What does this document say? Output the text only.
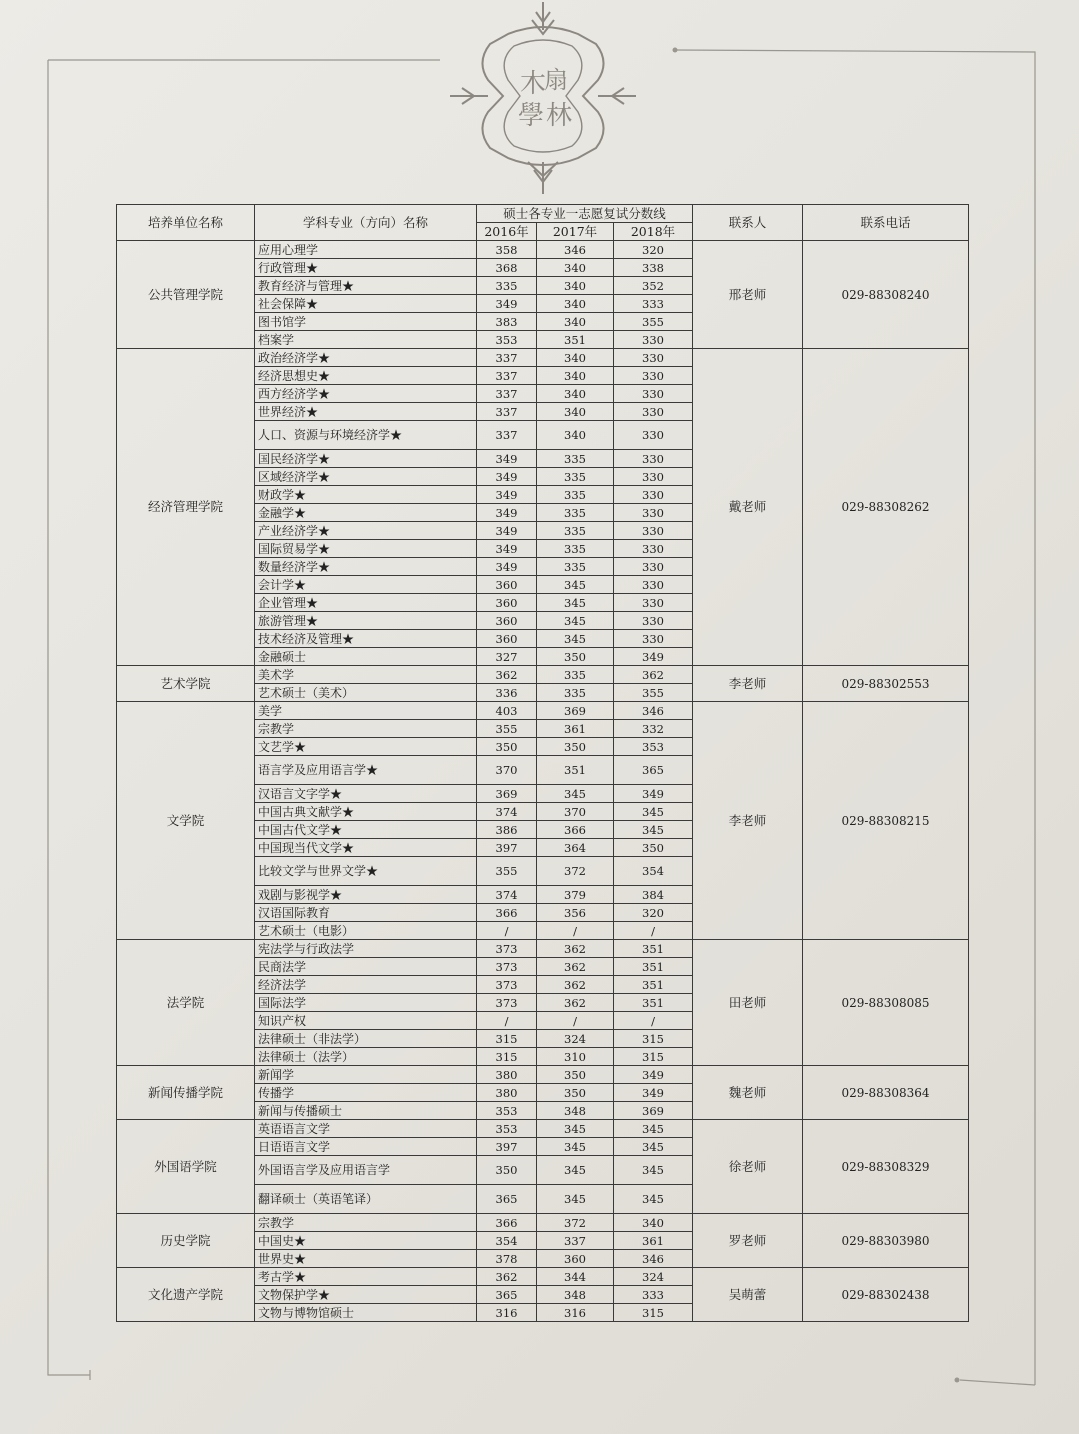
木
扇
學 林
培养单位名称	学科专业（方向）名称	硕士各专业一志愿复试分数线			联系人	联系电话
		2016年	2017年	2018年		
公共管理学院	应用心理学	358	346	320	邢老师	029-88308240
	行政管理★	368	340	338		
	教育经济与管理★	335	340	352		
	社会保障★	349	340	333		
	图书馆学	383	340	355		
	档案学	353	351	330		
经济管理学院	政治经济学★	337	340	330	戴老师	029-88308262
	经济思想史★	337	340	330		
	西方经济学★	337	340	330		
	世界经济★	337	340	330		
	人口、资源与环境经济学★	337	340	330		
	国民经济学★	349	335	330		
	区域经济学★	349	335	330		
	财政学★	349	335	330		
	金融学★	349	335	330		
	产业经济学★	349	335	330		
	国际贸易学★	349	335	330		
	数量经济学★	349	335	330		
	会计学★	360	345	330		
	企业管理★	360	345	330		
	旅游管理★	360	345	330		
	技术经济及管理★	360	345	330		
	金融硕士	327	350	349		
艺术学院	美术学	362	335	362	李老师	029-88302553
	艺术硕士（美术）	336	335	355		
文学院	美学	403	369	346	李老师	029-88308215
	宗教学	355	361	332		
	文艺学★	350	350	353		
	语言学及应用语言学★	370	351	365		
	汉语言文字学★	369	345	349		
	中国古典文献学★	374	370	345		
	中国古代文学★	386	366	345		
	中国现当代文学★	397	364	350		
	比较文学与世界文学★	355	372	354		
	戏剧与影视学★	374	379	384		
	汉语国际教育	366	356	320		
	艺术硕士（电影）	/	/	/		
法学院	宪法学与行政法学	373	362	351	田老师	029-88308085
	民商法学	373	362	351		
	经济法学	373	362	351		
	国际法学	373	362	351		
	知识产权	/	/	/		
	法律硕士（非法学）	315	324	315		
	法律硕士（法学）	315	310	315		
新闻传播学院	新闻学	380	350	349	魏老师	029-88308364
	传播学	380	350	349		
	新闻与传播硕士	353	348	369		
外国语学院	英语语言文学	353	345	345	徐老师	029-88308329
	日语语言文学	397	345	345		
	外国语言学及应用语言学	350	345	345		
	翻译硕士（英语笔译）	365	345	345		
历史学院	宗教学	366	372	340	罗老师	029-88303980
	中国史★	354	337	361		
	世界史★	378	360	346		
文化遗产学院	考古学★	362	344	324	吴萌蕾	029-88302438
	文物保护学★	365	348	333		
	文物与博物馆硕士	316	316	315		
